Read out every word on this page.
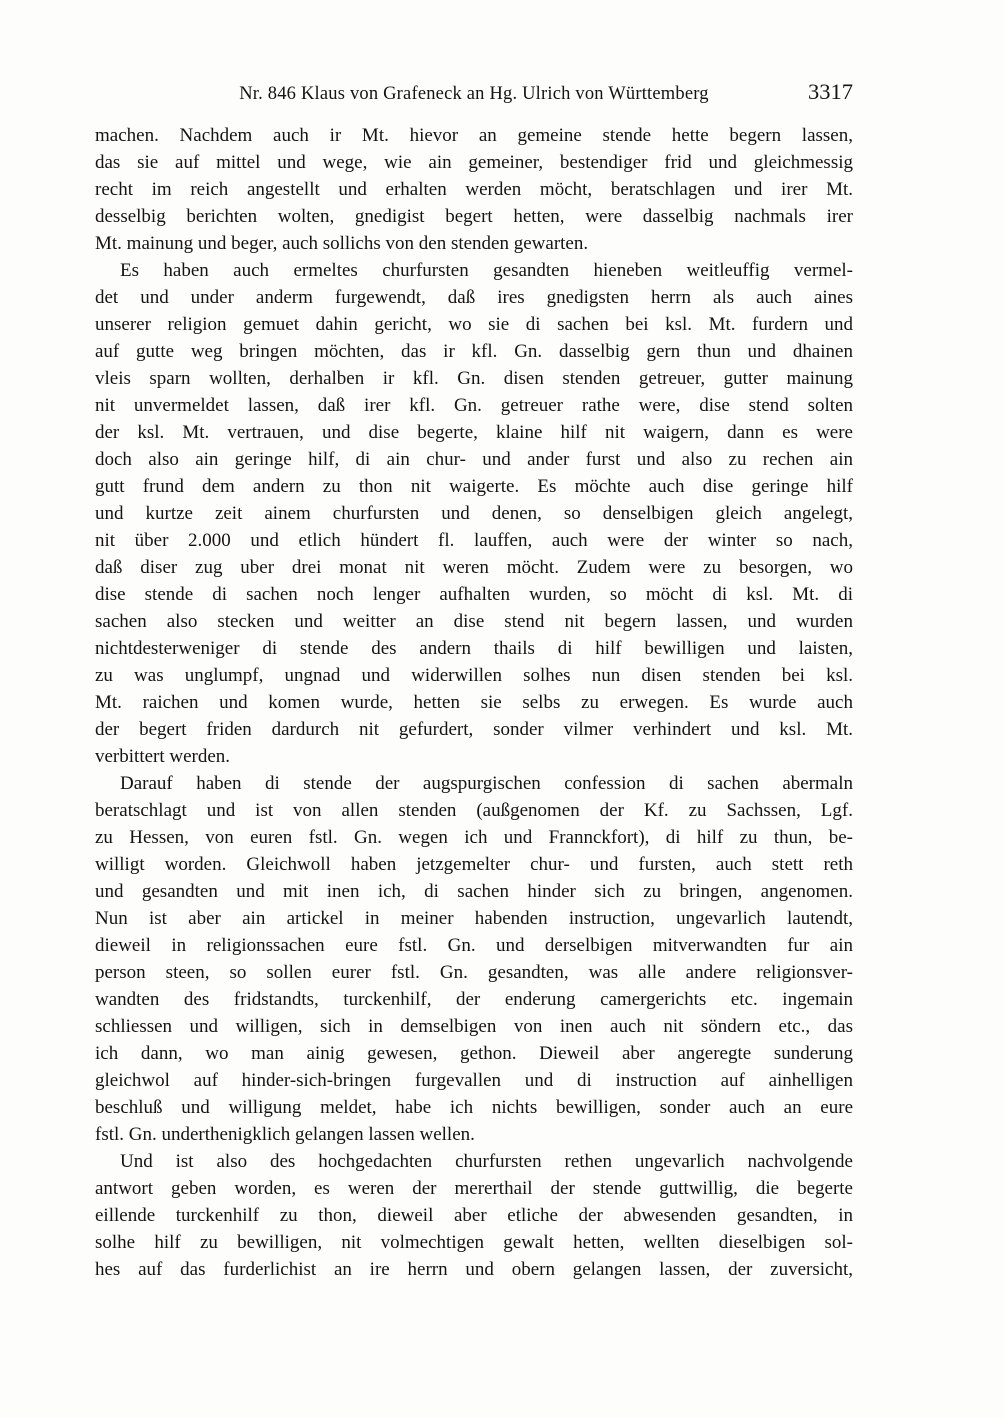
Nr. 846 Klaus von Grafeneck an Hg. Ulrich von Württemberg	3317
machen. Nachdem auch ir Mt. hievor an gemeine stende hette begern lassen,
das sie auf mittel und wege, wie ain gemeiner, bestendiger frid und gleichmessig
recht im reich angestellt und erhalten werden möcht, beratschlagen und irer Mt.
desselbig berichten wolten, gnedigist begert hetten, were dasselbig nachmals irer
Mt. mainung und beger, auch sollichs von den stenden gewarten.
Es haben auch ermeltes churfursten gesandten hieneben weitleuffig vermel-
det und under anderm furgewendt, daß ires gnedigsten herrn als auch aines
unserer religion gemuet dahin gericht, wo sie di sachen bei ksl. Mt. furdern und
auf gutte weg bringen möchten, das ir kfl. Gn. dasselbig gern thun und dhainen
vleis sparn wollten, derhalben ir kfl. Gn. disen stenden getreuer, gutter mainung
nit unvermeldet lassen, daß irer kfl. Gn. getreuer rathe were, dise stend solten
der ksl. Mt. vertrauen, und dise begerte, klaine hilf nit waigern, dann es were
doch also ain geringe hilf, di ain chur- und ander furst und also zu rechen ain
gutt frund dem andern zu thon nit waigerte. Es möchte auch dise geringe hilf
und kurtze zeit ainem churfursten und denen, so denselbigen gleich angelegt,
nit über 2.000 und etlich hündert fl. lauffen, auch were der winter so nach,
daß diser zug uber drei monat nit weren möcht. Zudem were zu besorgen, wo
dise stende di sachen noch lenger aufhalten wurden, so möcht di ksl. Mt. di
sachen also stecken und weitter an dise stend nit begern lassen, und wurden
nichtdesterweniger di stende des andern thails di hilf bewilligen und laisten,
zu was unglumpf, ungnad und widerwillen solhes nun disen stenden bei ksl.
Mt. raichen und komen wurde, hetten sie selbs zu erwegen. Es wurde auch
der begert friden dardurch nit gefurdert, sonder vilmer verhindert und ksl. Mt.
verbittert werden.
Darauf haben di stende der augspurgischen confession di sachen abermaln
beratschlagt und ist von allen stenden (außgenomen der Kf. zu Sachssen, Lgf.
zu Hessen, von euren fstl. Gn. wegen ich und Frannckfort), di hilf zu thun, be-
willigt worden. Gleichwoll haben jetzgemelter chur- und fursten, auch stett reth
und gesandten und mit inen ich, di sachen hinder sich zu bringen, angenomen.
Nun ist aber ain artickel in meiner habenden instruction, ungevarlich lautendt,
dieweil in religionssachen eure fstl. Gn. und derselbigen mitverwandten fur ain
person steen, so sollen eurer fstl. Gn. gesandten, was alle andere religionsver-
wandten des fridstandts, turckenhilf, der enderung camergerichts etc. ingemain
schliessen und willigen, sich in demselbigen von inen auch nit söndern etc., das
ich dann, wo man ainig gewesen, gethon. Dieweil aber angeregte sunderung
gleichwol auf hinder-sich-bringen furgevallen und di instruction auf ainhelligen
beschluß und willigung meldet, habe ich nichts bewilligen, sonder auch an eure
fstl. Gn. underthenigklich gelangen lassen wellen.
Und ist also des hochgedachten churfursten rethen ungevarlich nachvolgende
antwort geben worden, es weren der mererthail der stende guttwillig, die begerte
eillende turckenhilf zu thon, dieweil aber etliche der abwesenden gesandten, in
solhe hilf zu bewilligen, nit volmechtigen gewalt hetten, wellten dieselbigen sol-
hes auf das furderlichist an ire herrn und obern gelangen lassen, der zuversicht,
